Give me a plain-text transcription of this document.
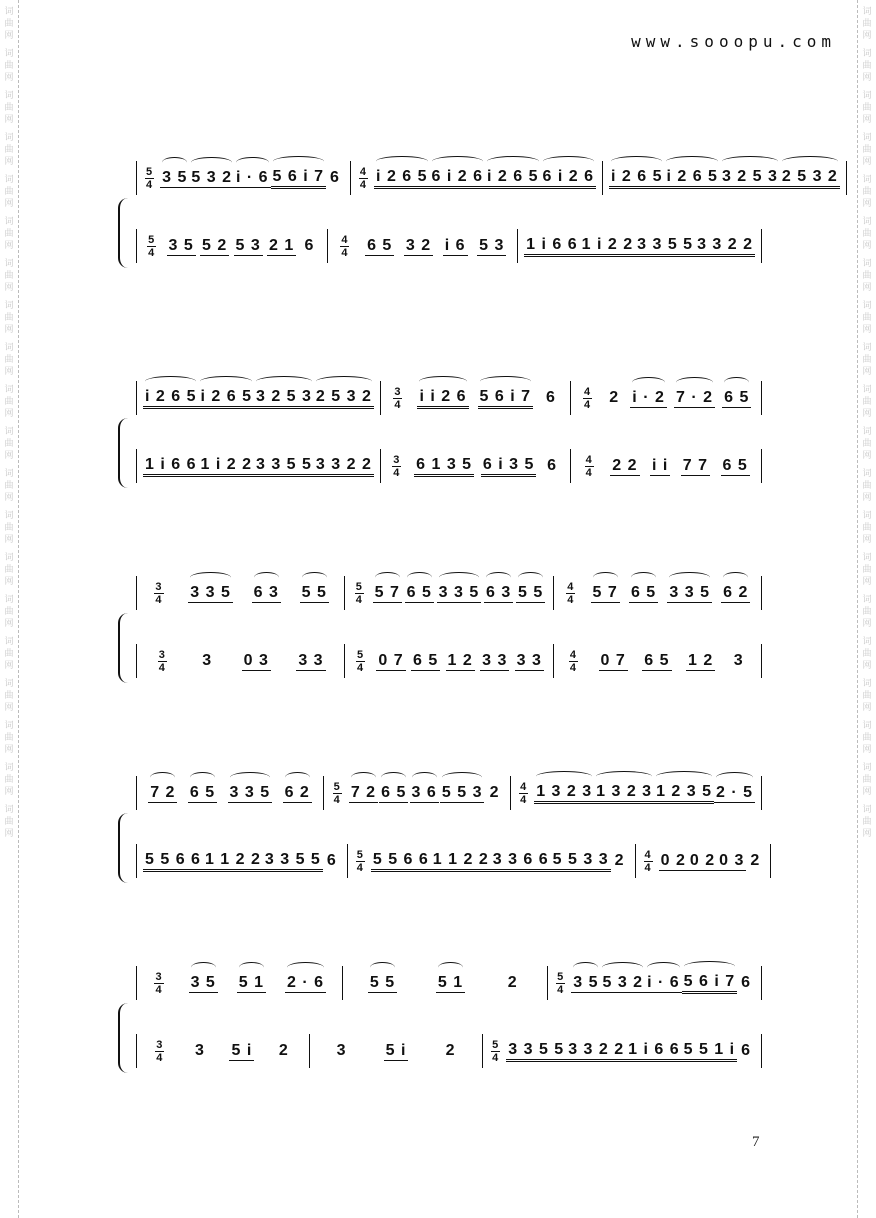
词
曲
网
词
曲
网
词
曲
网
词
曲
网
词
曲
网
词
曲
网
词
曲
网
词
曲
网
词
曲
网
词
曲
网
词
曲
网
词
曲
网
词
曲
网
词
曲
网
词
曲
网
词
曲
网
词
曲
网
词
曲
网
词
曲
网
词
曲
网
词
曲
网
词
曲
网
词
曲
网
词
曲
网
词
曲
网
词
曲
网
词
曲
网
词
曲
网
词
曲
网
词
曲
网
词
曲
网
词
曲
网
词
曲
网
词
曲
网
词
曲
网
词
曲
网
词
曲
网
词
曲
网
词
曲
网
词
曲
网
www.sooopu.com
$\frac{5}{4} 3$ 5 5 3 2 i · 6 5 6 i 7 6	$\frac{4}{4}$ i 2 6 5 6 i 2 6 i 2 6 5 6 i 2 6 i 2 6 5 i 2 6 5 3 2 5 3 2 5 3 2
$\frac{5}{4} 3$ 5 5 2 5 3 2 1 6	$\frac{4}{4} 6$ 5 3 2 i 6 5 3 1 i 6 6 1 i 2 2 3 3 5 5 3 3 2 2
i 2 6 5 i 2 6 5 3 2 5 3 2 5 3 $2 \frac{3}{4}$ i i 2 6 5 6 i 7 6	$\frac{4}{4} 2$ i · 2 7 · 2 6 5
1 i 6 6 1 i 2 2 3 3 5 5 3 3 2 $2 \frac{3}{4} 6$ 1 3 5 6 i 3 5 6	$\frac{4}{4} 2$ 2 i i 7 7 6 5
$\frac{3}{4} 3$ 3 5 6 3 5 5	$\frac{5}{4} 5$ 7 6 5 3 3 5 6 3 5 $5 \frac{4}{4} 5$ 7 6 5 3 3 5 6 2
$\frac{3}{4} 3$ 0 3 3 3	$\frac{5}{4} 0$ 7 6 5 1 2 3 3 3 $3 \frac{4}{4} 0$ 7 6 5 1 2 3
7 2 6 5 3 3 5 6 $2 \frac{5}{4} 7$ 2 6 5 3 6 5 5 3 2	$\frac{4}{4} 1$ 3 2 3 1 3 2 3 1 2 3 5 2 · 5
5 5 6 6 1 1 2 2 3 3 5 5 6	$\frac{5}{4} 5$ 5 6 6 1 1 2 2 3 3 6 6 5 5 3 3 2	$\frac{4}{4} 0$ 2 0 2 0 3 2
$\frac{3}{4} 3$ 5 5 1 2 · 6	5 5	5 1	2	$\frac{5}{4} 3$ 5 5 3 2 i · 6 5 6 i 7 6
$\frac{3}{4} 3$ 5 i 2	3 5 i 2	$\frac{5}{4} 3$ 3 5 5 3 3 2 2 1 i 6 6 5 5 1 i 6
7
